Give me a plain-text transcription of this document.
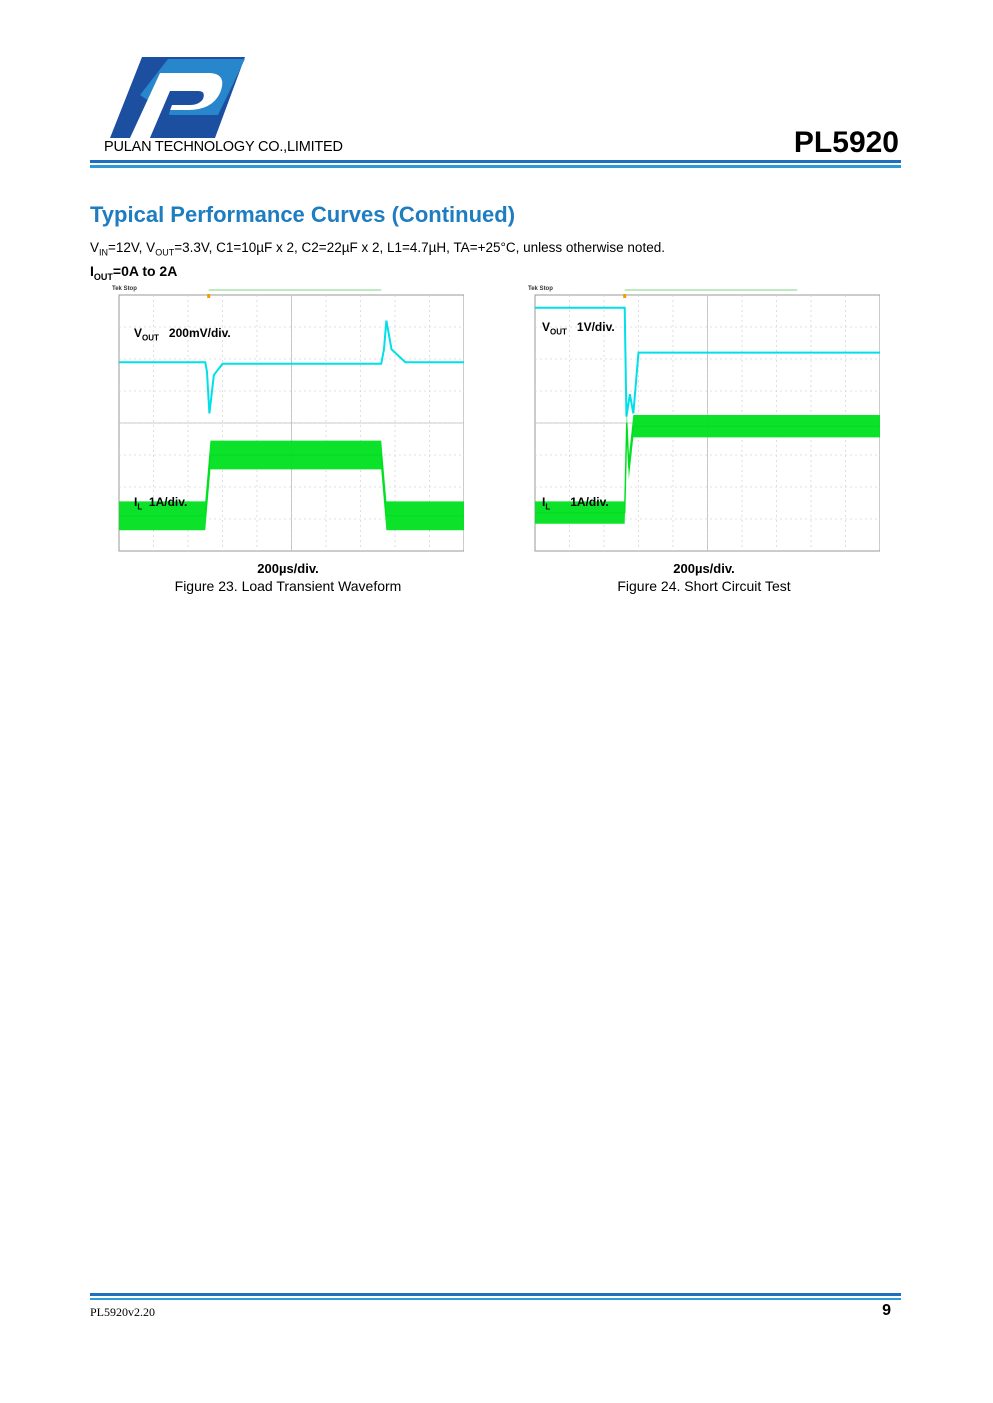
PULAN TECHNOLOGY CO.,LIMITED	PL5920
Typical Performance Curves (Continued)
$V_{IN}=12V$, $V_{OUT}=3.3V$, C1=10µF x 2, C2=22µF x 2, L1=4.7µH, TA=+25°C, unless otherwise noted.
$I_{OUT}=0A$ to 2A
Tek Stop
$V_{OUT}$ 200mV/div.
$I_L$ 1A/div.
200µs/div.
Figure 23. Load Transient Waveform
Tek Stop
$V_{OUT}$ 1V/div.
$I_L$ 1A/div.
200µs/div.
Figure 24. Short Circuit Test
PL5920v2.20	9
